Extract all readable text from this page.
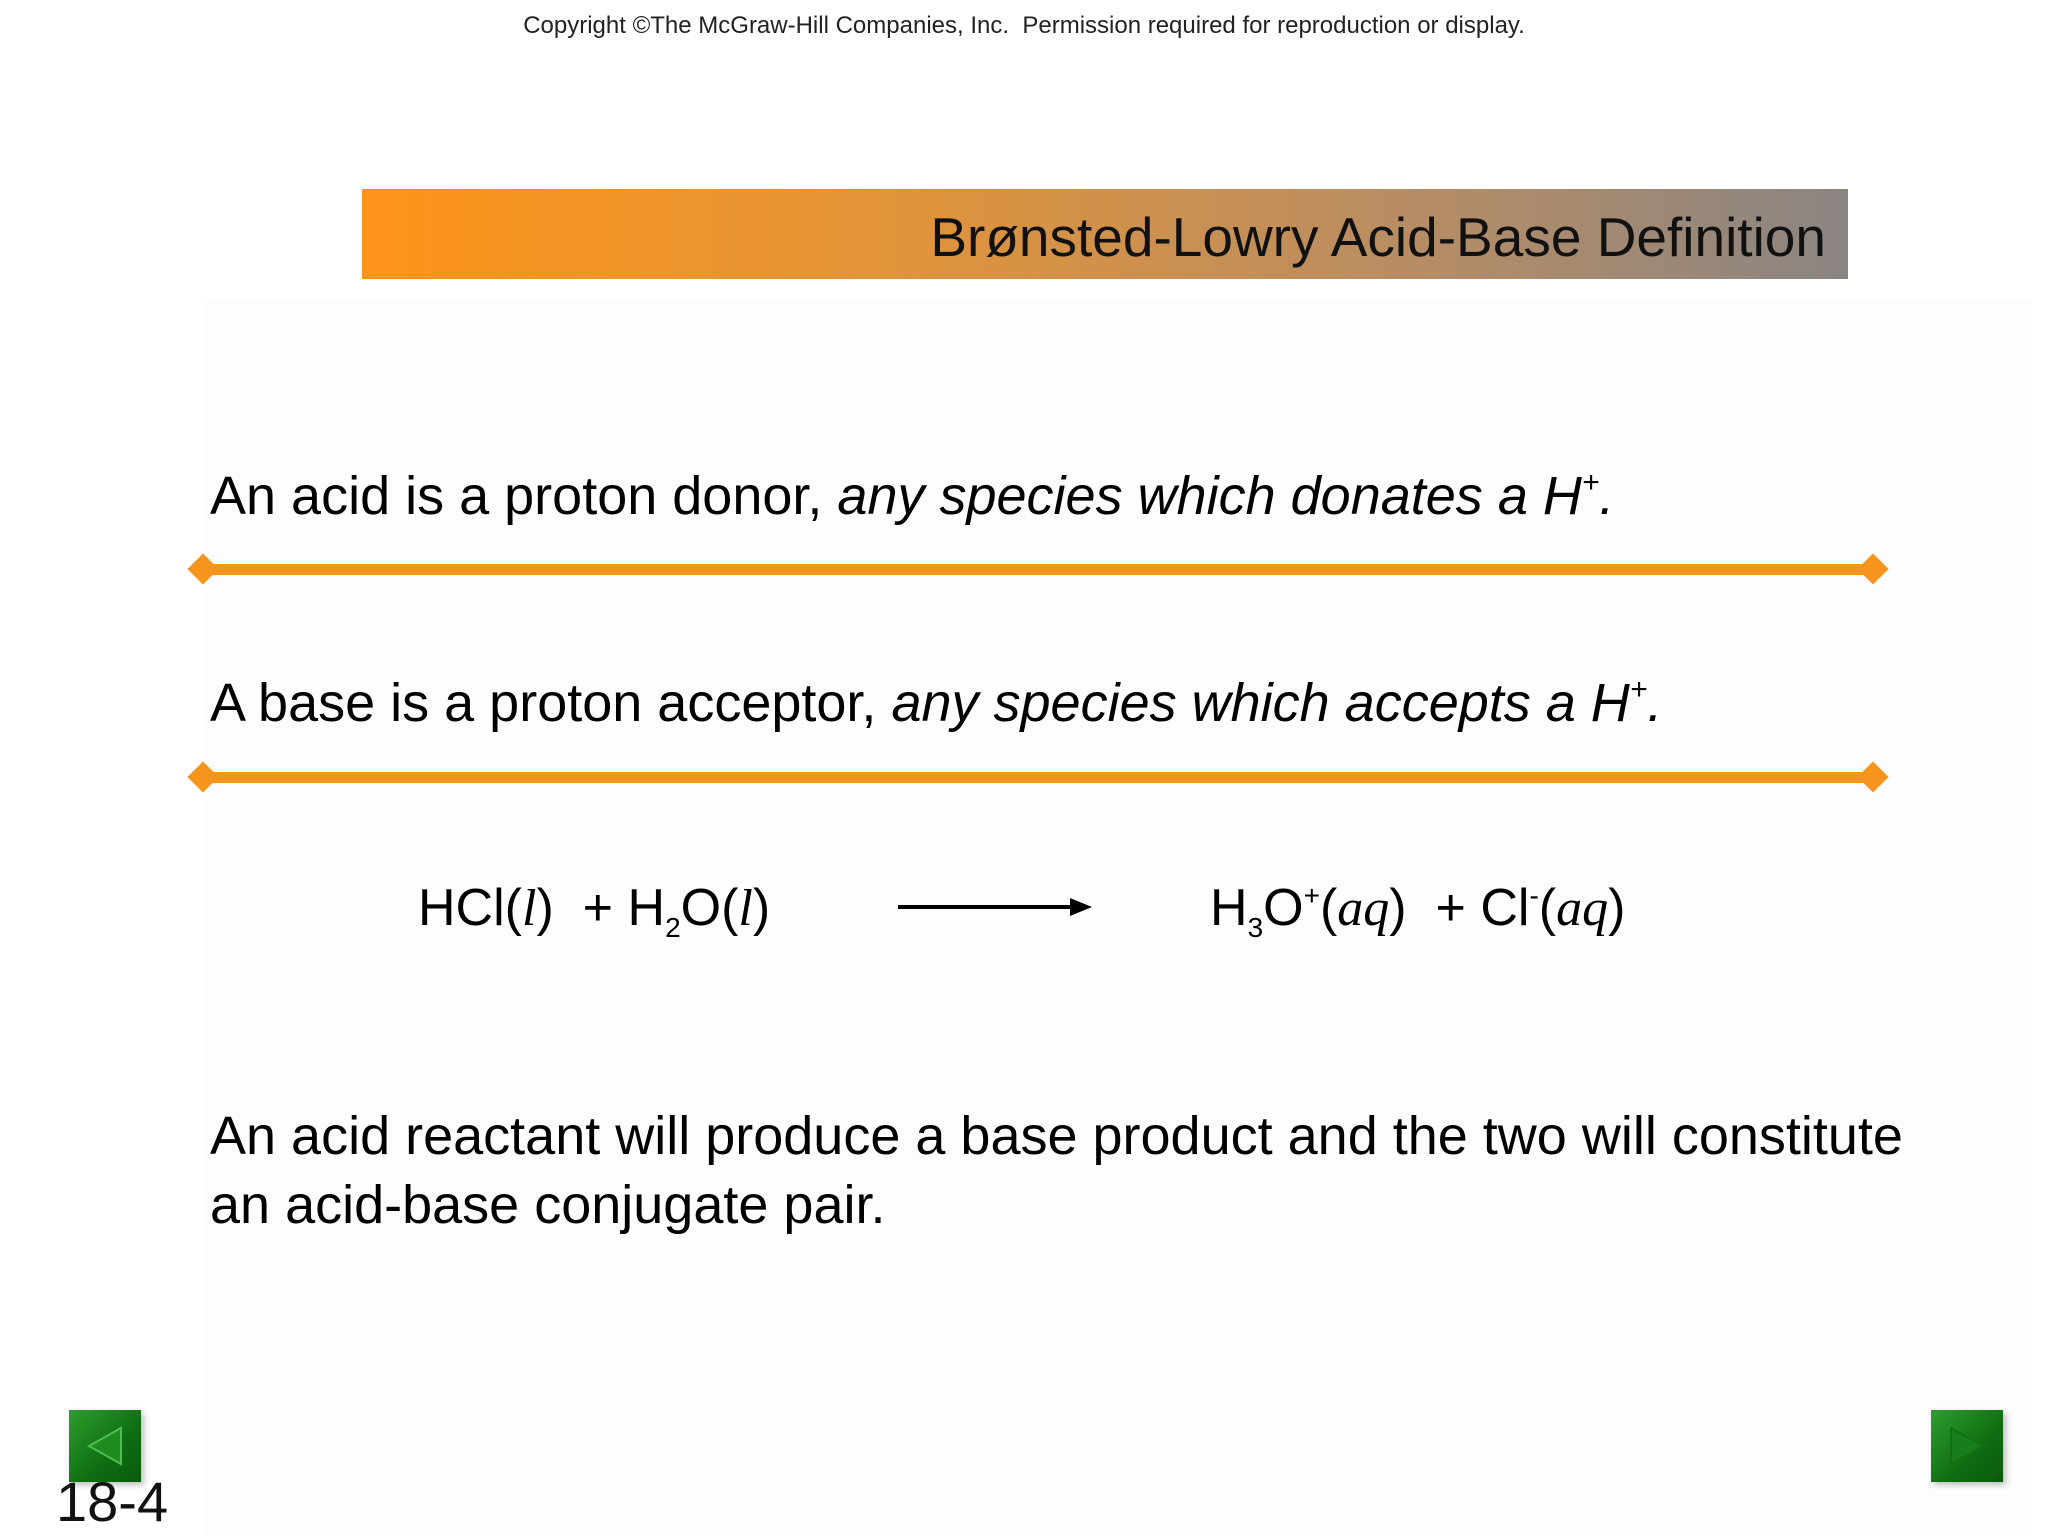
Copyright ©The McGraw-Hill Companies, Inc.  Permission required for reproduction or display.
Brønsted-Lowry Acid-Base Definition
An acid is a proton donor, any species which donates a H+.
A base is a proton acceptor, any species which accepts a H+.
$HCl(l) + H_2O(l)$	$H_3O^+(aq) + Cl^-(aq)$
An acid reactant will produce a base product and the two will constitute an acid-base conjugate pair.
18-4
